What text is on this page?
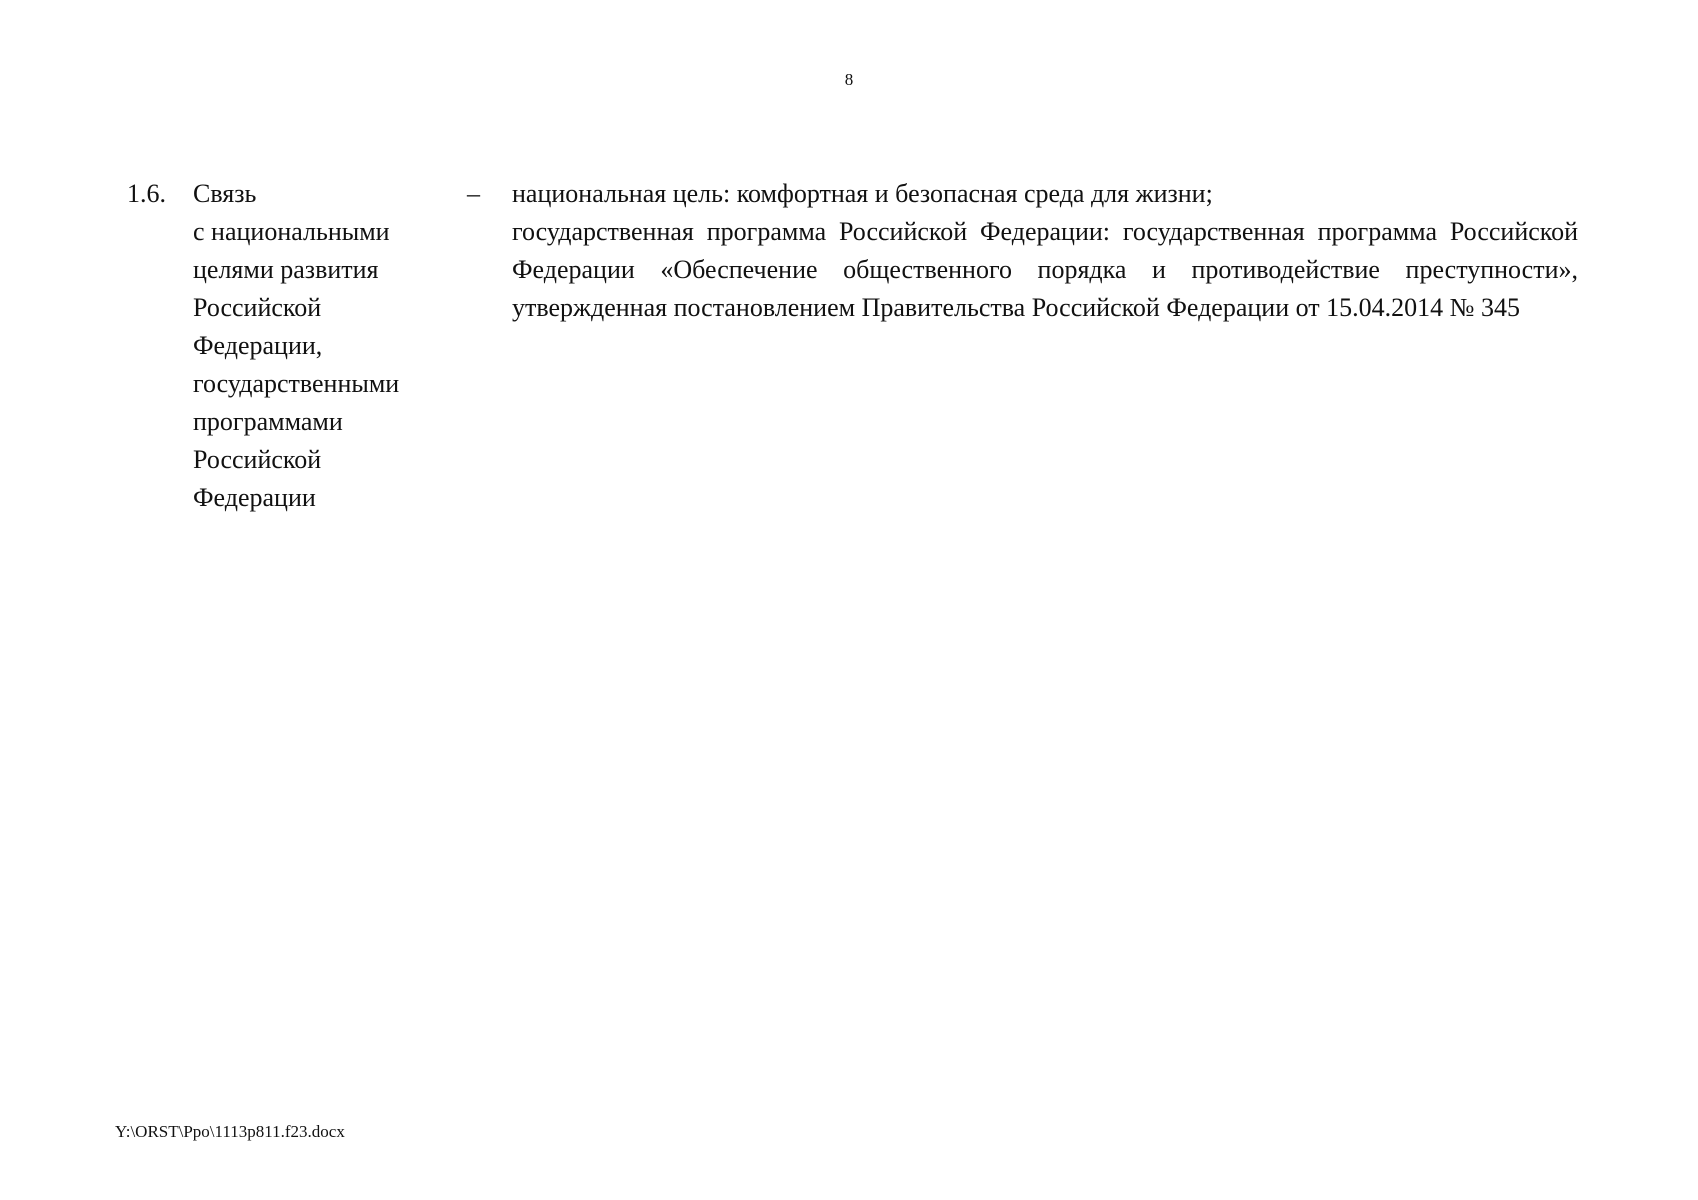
8
1.6. Связь
с национальными
целями развития
Российской
Федерации,
государственными
программами
Российской
Федерации
– национальная цель: комфортная и безопасная среда для жизни;

государственная программа Российской Федерации: государственная программа Российской Федерации «Обеспечение общественного порядка и противодействие преступности», утвержденная постановлением Правительства Российской Федерации от 15.04.2014 № 345

Y:\ORST\Ppo\1113p811.f23.docx
